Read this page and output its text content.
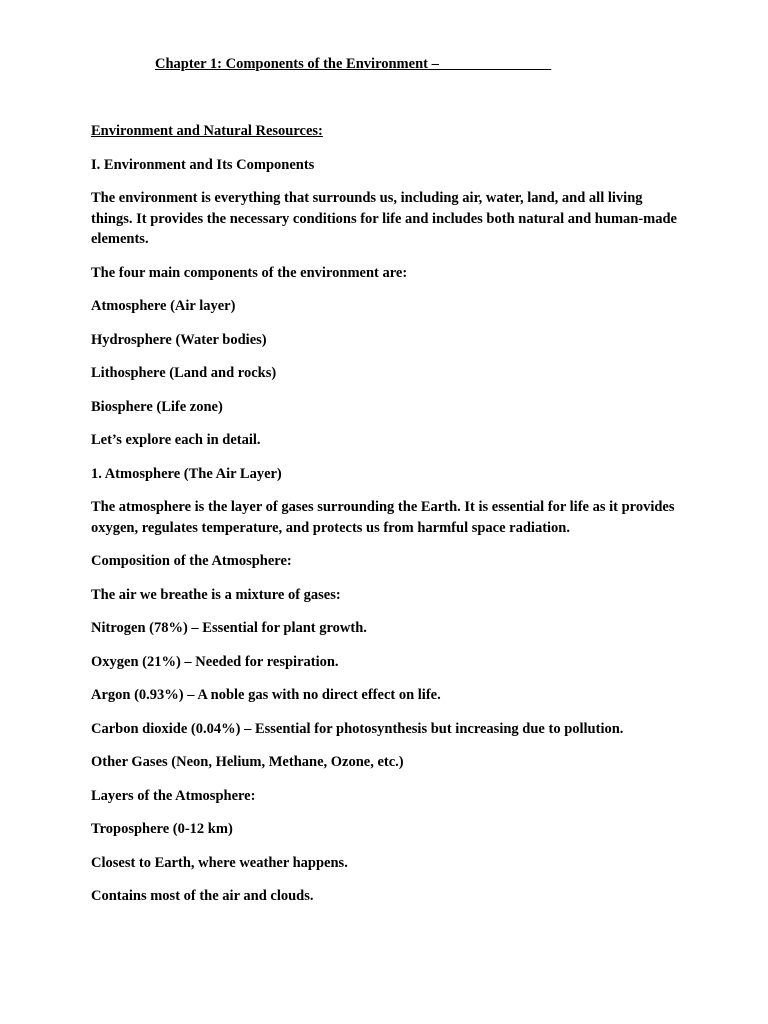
Chapter 1: Components of the Environment –

Environment and Natural Resources:

I. Environment and Its Components

The environment is everything that surrounds us, including air, water, land, and all living things. It provides the necessary conditions for life and includes both natural and human-made elements.

The four main components of the environment are:

Atmosphere (Air layer)

Hydrosphere (Water bodies)

Lithosphere (Land and rocks)

Biosphere (Life zone)

Let’s explore each in detail.

1. Atmosphere (The Air Layer)

The atmosphere is the layer of gases surrounding the Earth. It is essential for life as it provides oxygen, regulates temperature, and protects us from harmful space radiation.

Composition of the Atmosphere:

The air we breathe is a mixture of gases:

Nitrogen (78%) – Essential for plant growth.

Oxygen (21%) – Needed for respiration.

Argon (0.93%) – A noble gas with no direct effect on life.

Carbon dioxide (0.04%) – Essential for photosynthesis but increasing due to pollution.

Other Gases (Neon, Helium, Methane, Ozone, etc.)

Layers of the Atmosphere:

Troposphere (0-12 km)

Closest to Earth, where weather happens.

Contains most of the air and clouds.
